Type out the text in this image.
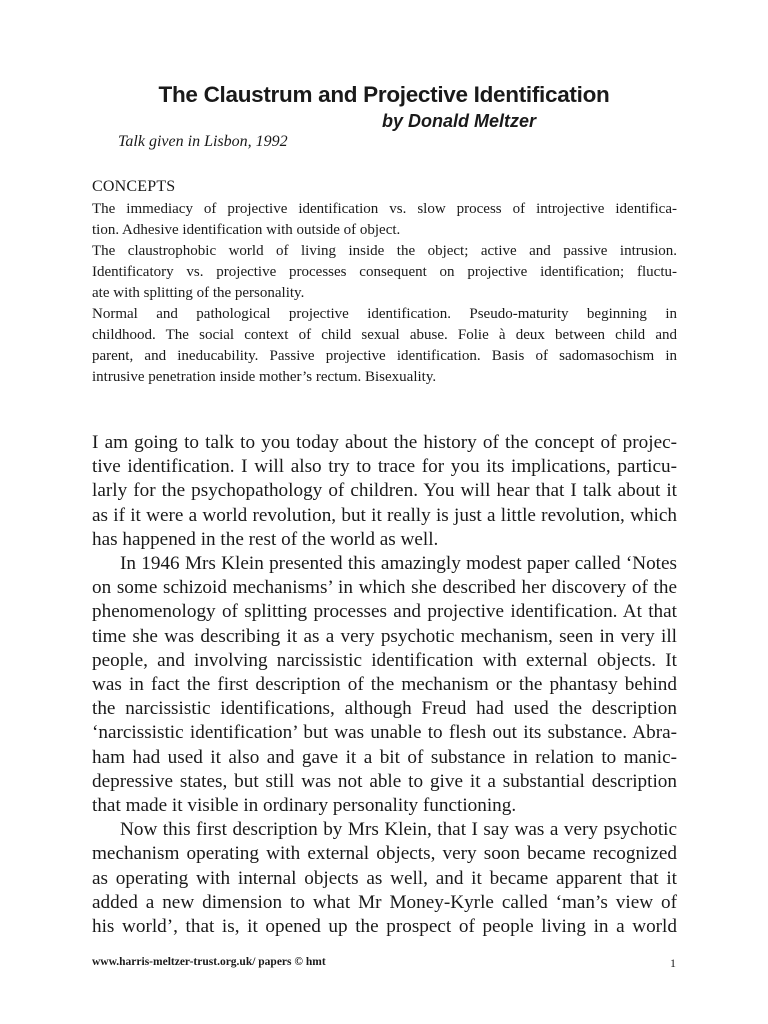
The Claustrum and Projective Identification
by Donald Meltzer
Talk given in Lisbon, 1992
CONCEPTS
The immediacy of projective identification vs. slow process of introjective identifica-
tion. Adhesive identification with outside of object.
The claustrophobic world of living inside the object; active and passive intrusion.
Identificatory vs. projective processes consequent on projective identification; fluctu-
ate with splitting of the personality.
Normal and pathological projective identification. Pseudo-maturity beginning in
childhood. The social context of child sexual abuse. Folie à deux between child and
parent, and ineducability. Passive projective identification. Basis of sadomasochism in
intrusive penetration inside mother’s rectum. Bisexuality.
I am going to talk to you today about the history of the concept of projec-
tive identification. I will also try to trace for you its implications, particu-
larly for the psychopathology of children. You will hear that I talk about it
as if it were a world revolution, but it really is just a little revolution, which
has happened in the rest of the world as well.
In 1946 Mrs Klein presented this amazingly modest paper called ‘Notes
on some schizoid mechanisms’ in which she described her discovery of the
phenomenology of splitting processes and projective identification. At that
time she was describing it as a very psychotic mechanism, seen in very ill
people, and involving narcissistic identification with external objects. It
was in fact the first description of the mechanism or the phantasy behind
the narcissistic identifications, although Freud had used the description
‘narcissistic identification’ but was unable to flesh out its substance. Abra-
ham had used it also and gave it a bit of substance in relation to manic-
depressive states, but still was not able to give it a substantial description
that made it visible in ordinary personality functioning.
Now this first description by Mrs Klein, that I say was a very psychotic
mechanism operating with external objects, very soon became recognized
as operating with internal objects as well, and it became apparent that it
added a new dimension to what Mr Money-Kyrle called ‘man’s view of
his world’, that is, it opened up the prospect of people living in a world
www.harris-meltzer-trust.org.uk/ papers © hmt	1
